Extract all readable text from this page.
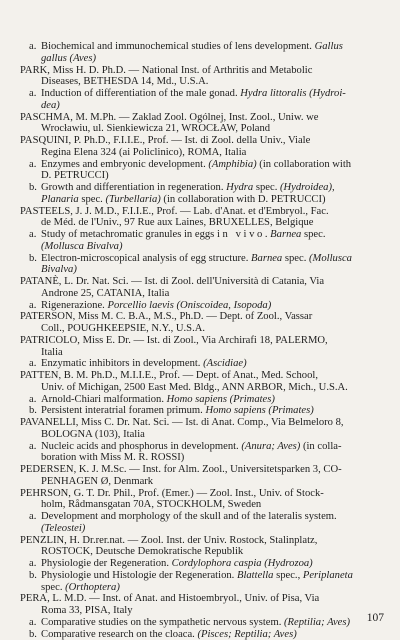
a. Biochemical and immunochemical studies of lens development. Gallus

gallus (Aves)

PARK, Miss H. D. Ph.D. — National Inst. of Arthritis and Metabolic

Diseases, BETHESDA 14, Md., U.S.A.

a. Induction of differentiation of the male gonad. Hydra littoralis (Hydroi-

dea)

PASCHMA, M. M.Ph. — Zaklad Zool. Ogólnej, Inst. Zool., Uniw. we

Wrocławiu, ul. Sienkiewicza 21, WROCŁAW, Poland

PASQUINI, P. Ph.D., F.I.I.E., Prof. — Ist. di Zool. della Univ., Viale

Regina Elena 324 (ai Policlinico), ROMA, Italia

a. Enzymes and embryonic development. (Amphibia) (in collaboration with

D. PETRUCCI)

b. Growth and differentiation in regeneration. Hydra spec. (Hydroidea),

Planaria spec. (Turbellaria) (in collaboration with D. PETRUCCI)

PASTEELS, J. J. M.D., F.I.I.E., Prof. — Lab. d'Anat. et d'Embryol., Fac.

de Méd. de l'Univ., 97 Rue aux Laines, BRUXELLES, Belgique

a. Study of metachromatic granules in eggs in vivo. Barnea spec.

(Mollusca Bivalva)

b. Electron-microscopical analysis of egg structure. Barnea spec. (Mollusca

Bivalva)

PATANÈ, L. Dr. Nat. Sci. — Ist. di Zool. dell'Università di Catania, Via

Androne 25, CATANIA, Italia

a. Rigenerazione. Porcellio laevis (Oniscoidea, Isopoda)

PATERSON, Miss M. C. B.A., M.S., Ph.D. — Dept. of Zool., Vassar

Coll., POUGHKEEPSIE, N.Y., U.S.A.

PATRICOLO, Miss E. Dr. — Ist. di Zool., Via Archirafi 18, PALERMO,

Italia

a. Enzymatic inhibitors in development. (Ascidiae)

PATTEN, B. M. Ph.D., M.I.I.E., Prof. — Dept. of Anat., Med. School,

Univ. of Michigan, 2500 East Med. Bldg., ANN ARBOR, Mich., U.S.A.

a. Arnold-Chiari malformation. Homo sapiens (Primates)

b. Persistent interatrial foramen primum. Homo sapiens (Primates)

PAVANELLI, Miss C. Dr. Nat. Sci. — Ist. di Anat. Comp., Via Belmeloro 8,

BOLOGNA (103), Italia

a. Nucleic acids and phosphorus in development. (Anura; Aves) (in colla-

boration with Miss M. R. ROSSI)

PEDERSEN, K. J. M.Sc. — Inst. for Alm. Zool., Universitetsparken 3, CO-

PENHAGEN Ø, Denmark

PEHRSON, G. T. Dr. Phil., Prof. (Emer.) — Zool. Inst., Univ. of Stock-

holm, Rådmansgatan 70A, STOCKHOLM, Sweden

a. Development and morphology of the skull and of the lateralis system.

(Teleostei)

PENZLIN, H. Dr.rer.nat. — Zool. Inst. der Univ. Rostock, Stalinplatz,

ROSTOCK, Deutsche Demokratische Republik

a. Physiologie der Regeneration. Cordylophora caspia (Hydrozoa)

b. Physiologie und Histologie der Regeneration. Blattella spec., Periplaneta

spec. (Orthoptera)

PERA, L. M.D. — Inst. of Anat. and Histoembryol., Univ. of Pisa, Via

Roma 33, PISA, Italy

a. Comparative studies on the sympathetic nervous system. (Reptilia; Aves)

b. Comparative research on the cloaca. (Pisces; Reptilia; Aves)

107
